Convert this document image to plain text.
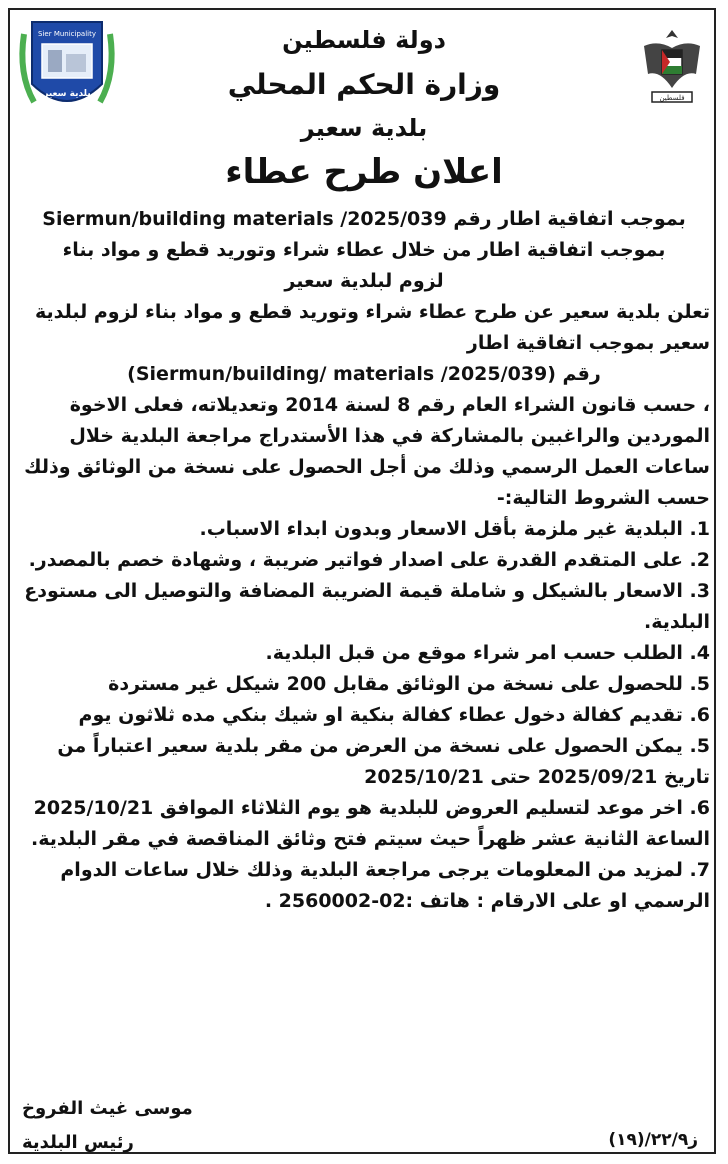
فلسطين
Sier Municipality
بلدية سعير
دولة فلسطين
وزارة الحكم المحلي
بلدية سعير
اعلان طرح عطاء

بموجب اتفاقية اطار رقم 039/Siermun/building materials /2025

بموجب اتفاقية اطار من خلال عطاء شراء وتوريد قطع و مواد بناء

لزوم لبلدية سعير

تعلن بلدية سعير عن طرح عطاء شراء وتوريد قطع و مواد بناء لزوم لبلدية سعير بموجب اتفاقية اطار

رقم (039/Siermun/building/ materials /2025)

، حسب قانون الشراء العام رقم 8 لسنة 2014 وتعديلاته، فعلى الاخوة الموردين والراغبين بالمشاركة في هذا الأستدراج مراجعة البلدية خلال ساعات العمل الرسمي وذلك من أجل الحصول على نسخة من الوثائق وذلك حسب الشروط التالية:-

1. البلدية غير ملزمة بأقل الاسعار وبدون ابداء الاسباب.

2. على المتقدم القدرة على اصدار فواتير ضريبة ، وشهادة خصم بالمصدر.

3. الاسعار بالشيكل و شاملة قيمة الضريبة المضافة والتوصيل الى مستودع البلدية.

4. الطلب حسب امر شراء موقع من قبل البلدية.

5. للحصول على نسخة من الوثائق مقابل 200 شيكل غير مستردة

6. تقديم كفالة دخول عطاء كفالة بنكية او شيك بنكي مده ثلاثون يوم

5. يمكن الحصول على نسخة من العرض من مقر بلدية سعير اعتباراً من تاريخ 2025/09/21 حتى 2025/10/21

6. اخر موعد لتسليم العروض للبلدية هو يوم الثلاثاء الموافق 2025/10/21 الساعة الثانية عشر ظهراً حيث سيتم فتح وثائق المناقصة في مقر البلدية.

7. لمزيد من المعلومات يرجى مراجعة البلدية وذلك خلال ساعات الدوام الرسمي او على الارقام : هاتف :02-2560002 .

موسى غيث الفروخ
رئيس البلدية	ز٢٢/٩/(١٩)
